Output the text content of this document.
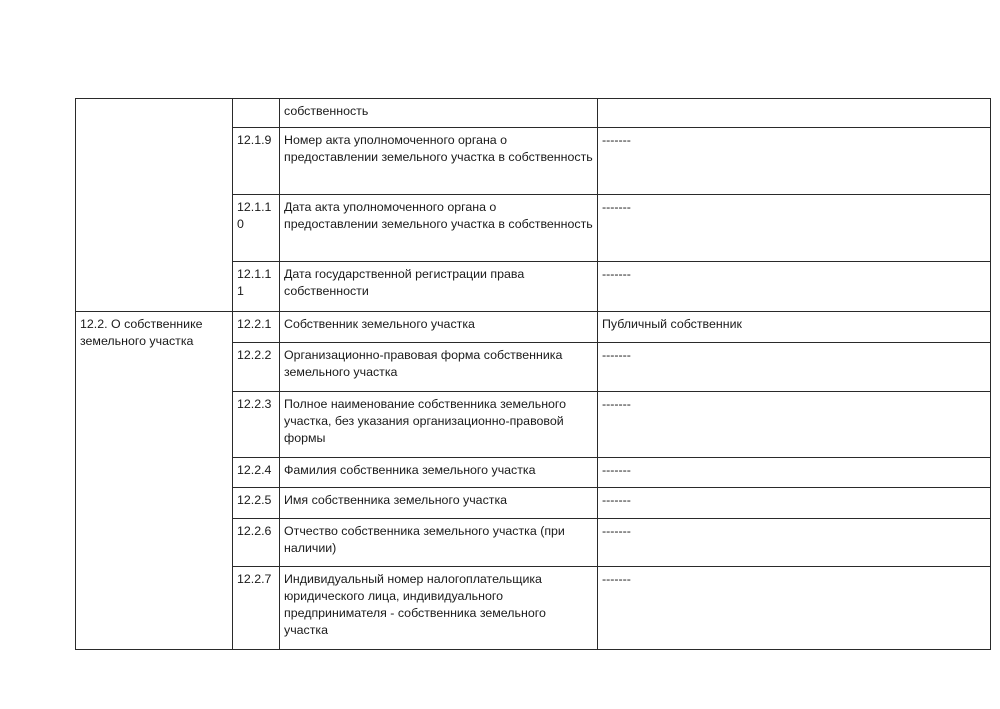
		собственность	
	12.1.9	Номер акта уполномоченного органа о предоставлении земельного участка в собственность	-------
	12.1.10	Дата акта уполномоченного органа о предоставлении земельного участка в собственность	-------
	12.1.11	Дата государственной регистрации права собственности	-------
12.2. О собственнике земельного участка	12.2.1	Собственник земельного участка	Публичный собственник
	12.2.2	Организационно-правовая форма собственника земельного участка	-------
	12.2.3	Полное наименование собственника земельного участка, без указания организационно-правовой формы	-------
	12.2.4	Фамилия собственника земельного участка	-------
	12.2.5	Имя собственника земельного участка	-------
	12.2.6	Отчество собственника земельного участка (при наличии)	-------
	12.2.7	Индивидуальный номер налогоплательщика юридического лица, индивидуального предпринимателя - собственника земельного участка	-------
